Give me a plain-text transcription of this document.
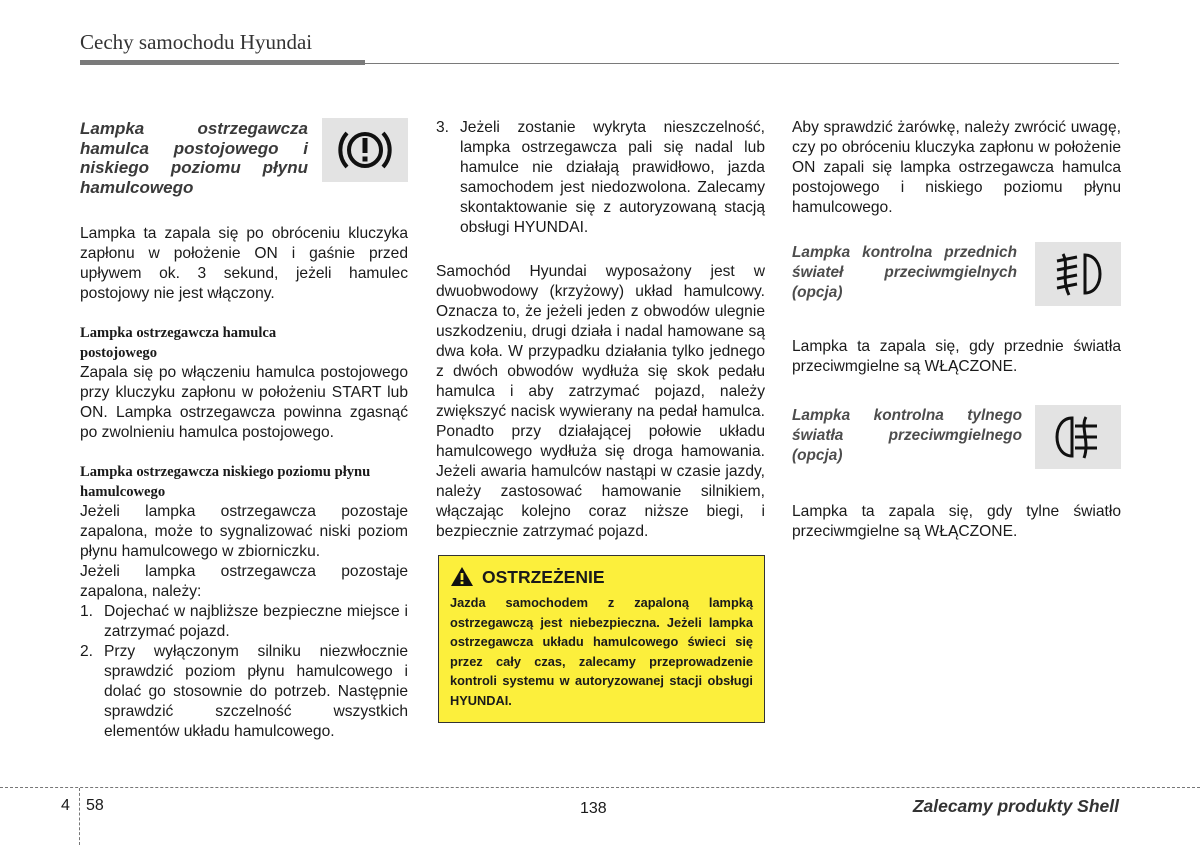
Cechy samochodu Hyundai

Lampka ostrzegawcza hamulca postojowego i niskiego poziomu płynu hamulcowego

Lampka ta zapala się po obróceniu kluczyka zapłonu w położenie ON i gaśnie przed upływem ok. 3 sekund, jeżeli hamulec postojowy nie jest włączony.

Lampka ostrzegawcza hamulca postojowego

Zapala się po włączeniu hamulca postojowego przy kluczyku zapłonu w położeniu START lub ON. Lampka ostrzegawcza powinna zgasnąć po zwolnieniu hamulca postojowego.

Lampka ostrzegawcza niskiego poziomu płynu hamulcowego

Jeżeli lampka ostrzegawcza pozostaje zapalona, może to sygnalizować niski poziom płynu hamulcowego w zbiorniczku.

Jeżeli lampka ostrzegawcza pozostaje zapalona, należy:

1. Dojechać w najbliższe bezpieczne miejsce i zatrzymać pojazd.
2. Przy wyłączonym silniku niezwłocznie sprawdzić poziom płynu hamulcowego i dolać go stosownie do potrzeb. Następnie sprawdzić szczelność wszystkich elementów układu hamulcowego.
3. Jeżeli zostanie wykryta nieszczelność, lampka ostrzegawcza pali się nadal lub hamulce nie działają prawidłowo, jazda samochodem jest niedozwolona. Zalecamy skontaktowanie się z autoryzowaną stacją obsługi HYUNDAI.

Samochód Hyundai wyposażony jest w dwuobwodowy (krzyżowy) układ hamulcowy. Oznacza to, że jeżeli jeden z obwodów ulegnie uszkodzeniu, drugi działa i nadal hamowane są dwa koła. W przypadku działania tylko jednego z dwóch obwodów wydłuża się skok pedału hamulca i aby zatrzymać pojazd, należy zwiększyć nacisk wywierany na pedał hamulca. Ponadto przy działającej połowie układu hamulcowego wydłuża się droga hamowania. Jeżeli awaria hamulców nastąpi w czasie jazdy, należy zastosować hamowanie silnikiem, włączając kolejno coraz niższe biegi, i bezpiecznie zatrzymać pojazd.

OSTRZEŻENIE

Jazda samochodem z zapaloną lampką ostrzegawczą jest niebezpieczna. Jeżeli lampka ostrzegawcza układu hamulcowego świeci się przez cały czas, zalecamy przeprowadzenie kontroli systemu w autoryzowanej stacji obsługi HYUNDAI.

Aby sprawdzić żarówkę, należy zwrócić uwagę, czy po obróceniu kluczyka zapłonu w położenie ON zapali się lampka ostrzegawcza hamulca postojowego i niskiego poziomu płynu hamulcowego.

Lampka kontrolna przednich świateł przeciwmgielnych (opcja)

Lampka ta zapala się, gdy przednie światła przeciwmgielne są WŁĄCZONE.

Lampka kontrolna tylnego światła przeciwmgielnego (opcja)

Lampka ta zapala się, gdy tylne światło przeciwmgielne są WŁĄCZONE.

4 58	138	Zalecamy produkty Shell
